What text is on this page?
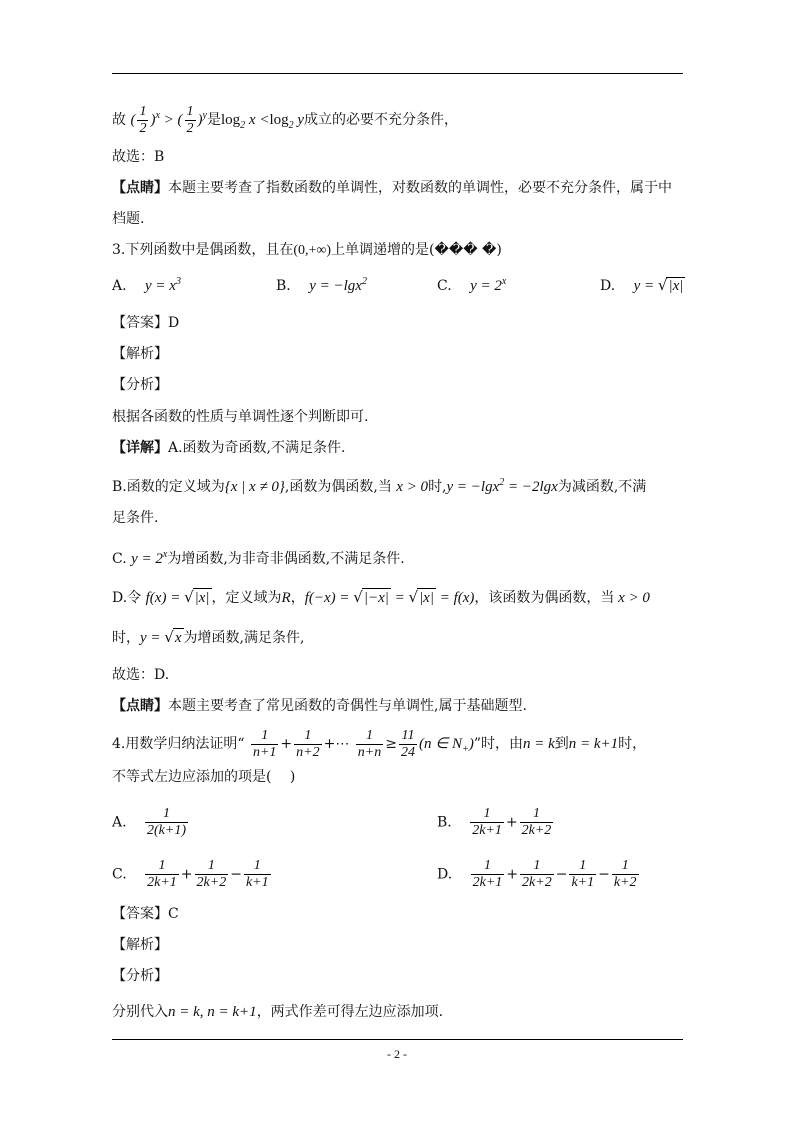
故 ( $\frac{1}{2} )^x$ > ( $\frac{1}{2} )^y$是$\log_2 x <\log_2$ y成立的必要不充分条件，
故选：B
【点睛】本题主要考查了指数函数的单调性，对数函数的单调性，必要不充分条件，属于中
档题.
3.下列函数中是偶函数，且在(0,+∞)上单调递增的是(��� �)
A. $y = x^3$	B. y = −lgx$^2$	C. $y = 2^x$	D. y = √|x|
【答案】D
【解析】
【分析】
根据各函数的性质与单调性逐个判断即可.
【详解】A.函数为奇函数,不满足条件.
B.函数的定义域为{x | x ≠ 0},函数为偶函数,当 x > 0时,y = −lgx$^2$ = −2lgx为减函数,不满
足条件.
C. $y = 2^x$为增函数,为非奇非偶函数,不满足条件.
D.令 f(x) = √|x| ，定义域为R，f(−x) = √|−x| = √|x| = f(x)，该函数为偶函数，当 x > 0
时，y = √x 为增函数,满足条件,
故选：D.
【点睛】本题主要考查了常见函数的奇偶性与单调性,属于基础题型.
4.用数学归纳法证明“ $\frac{1}{n+1} + \frac{1}{n+2}$ +⋯ $\frac{1}{n+n} \ge \frac{11}{24} (n$ ∈ $N_+$)”时，由n = k到n = k+1时，
不等式左边应添加的项是(　 )
A. $\frac{1}{2(k+1)}$	B. $\frac{1}{2k+1} + \frac{1}{2k+2}$
C. $\frac{1}{2k+1} + \frac{1}{2k+2} - \frac{1}{k+1}$	D. $\frac{1}{2k+1} + \frac{1}{2k+2} - \frac{1}{k+1} - \frac{1}{k+2}$
【答案】C
【解析】
【分析】
分别代入n = k, n = k+1，两式作差可得左边应添加项.
- 2 -
